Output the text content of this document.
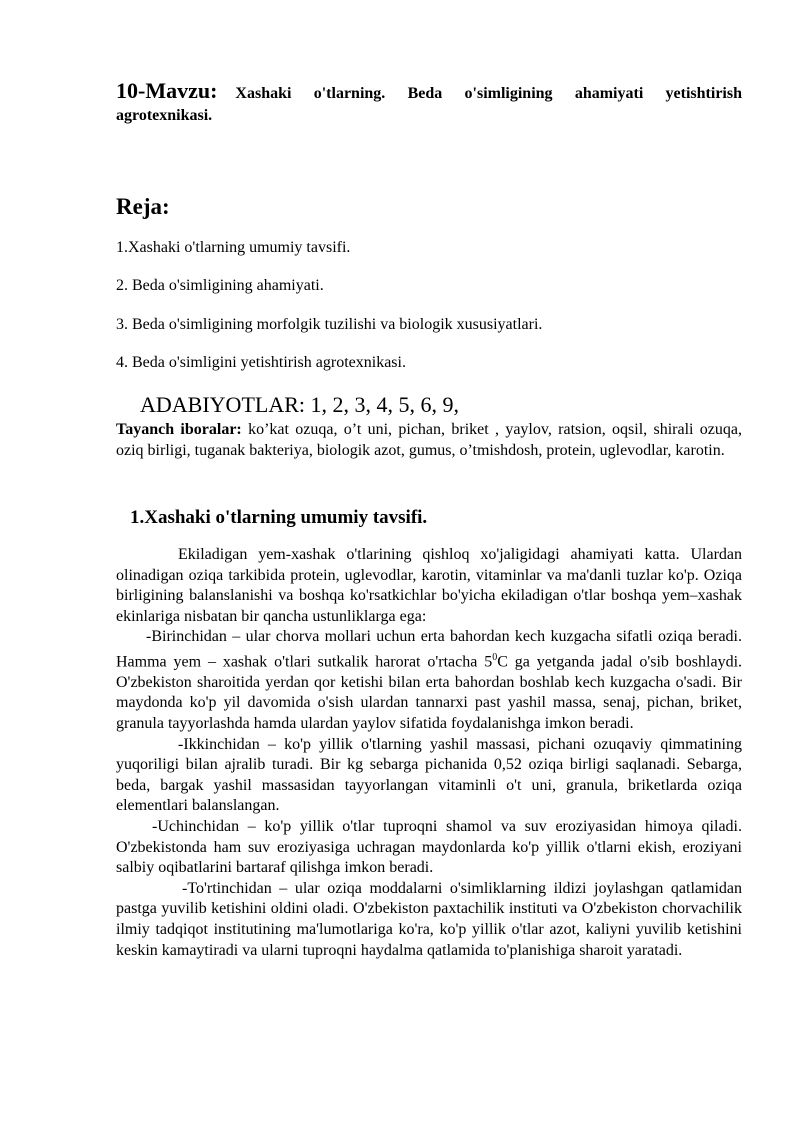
10-Mavzu: Xashaki o'tlarning. Beda o'simligining ahamiyati yetishtirish agrotexnikasi.
Reja:
1.Xashaki o'tlarning umumiy tavsifi.
2. Beda o'simligining ahamiyati.
3. Beda o'simligining morfolgik tuzilishi va biologik xususiyatlari.
4. Beda o'simligini yetishtirish agrotexnikasi.
ADABIYOTLAR: 1, 2, 3, 4, 5, 6, 9,
Tayanch iboralar: ko’kat ozuqa, o’t uni, pichan, briket , yaylov, ratsion, oqsil, shirali ozuqa, oziq birligi, tuganak bakteriya, biologik azot, gumus, o’tmishdosh, protein, uglevodlar, karotin.
1.Xashaki o'tlarning umumiy tavsifi.

Ekiladigan yem-xashak o'tlarining qishloq xo'jaligidagi ahamiyati katta. Ulardan olinadigan oziqa tarkibida protein, uglevodlar, karotin, vitaminlar va ma'danli tuzlar ko'p. Oziqa birligining balanslanishi va boshqa ko'rsatkichlar bo'yicha ekiladigan o'tlar boshqa yem–xashak ekinlariga nisbatan bir qancha ustunliklarga ega:

-Birinchidan – ular chorva mollari uchun erta bahordan kech kuzgacha sifatli oziqa beradi. Hamma yem – xashak o'tlari sutkalik harorat o'rtacha $5^0C$ ga yetganda jadal o'sib boshlaydi. O'zbekiston sharoitida yerdan qor ketishi bilan erta bahordan boshlab kech kuzgacha o'sadi. Bir maydonda ko'p yil davomida o'sish ulardan tannarxi past yashil massa, senaj, pichan, briket, granula tayyorlashda hamda ulardan yaylov sifatida foydalanishga imkon beradi.

-Ikkinchidan – ko'p yillik o'tlarning yashil massasi, pichani ozuqaviy qimmatining yuqoriligi bilan ajralib turadi. Bir kg sebarga pichanida 0,52 oziqa birligi saqlanadi. Sebarga, beda, bargak yashil massasidan tayyorlangan vitaminli o't uni, granula, briketlarda oziqa elementlari balanslangan.

-Uchinchidan – ko'p yillik o'tlar tuproqni shamol va suv eroziyasidan himoya qiladi. O'zbekistonda ham suv eroziyasiga uchragan maydonlarda ko'p yillik o'tlarni ekish, eroziyani salbiy oqibatlarini bartaraf qilishga imkon beradi.

-To'rtinchidan – ular oziqa moddalarni o'simliklarning ildizi joylashgan qatlamidan pastga yuvilib ketishini oldini oladi. O'zbekiston paxtachilik instituti va O'zbekiston chorvachilik ilmiy tadqiqot institutining ma'lumotlariga ko'ra, ko'p yillik o'tlar azot, kaliyni yuvilib ketishini keskin kamaytiradi va ularni tuproqni haydalma qatlamida to'planishiga sharoit yaratadi.
